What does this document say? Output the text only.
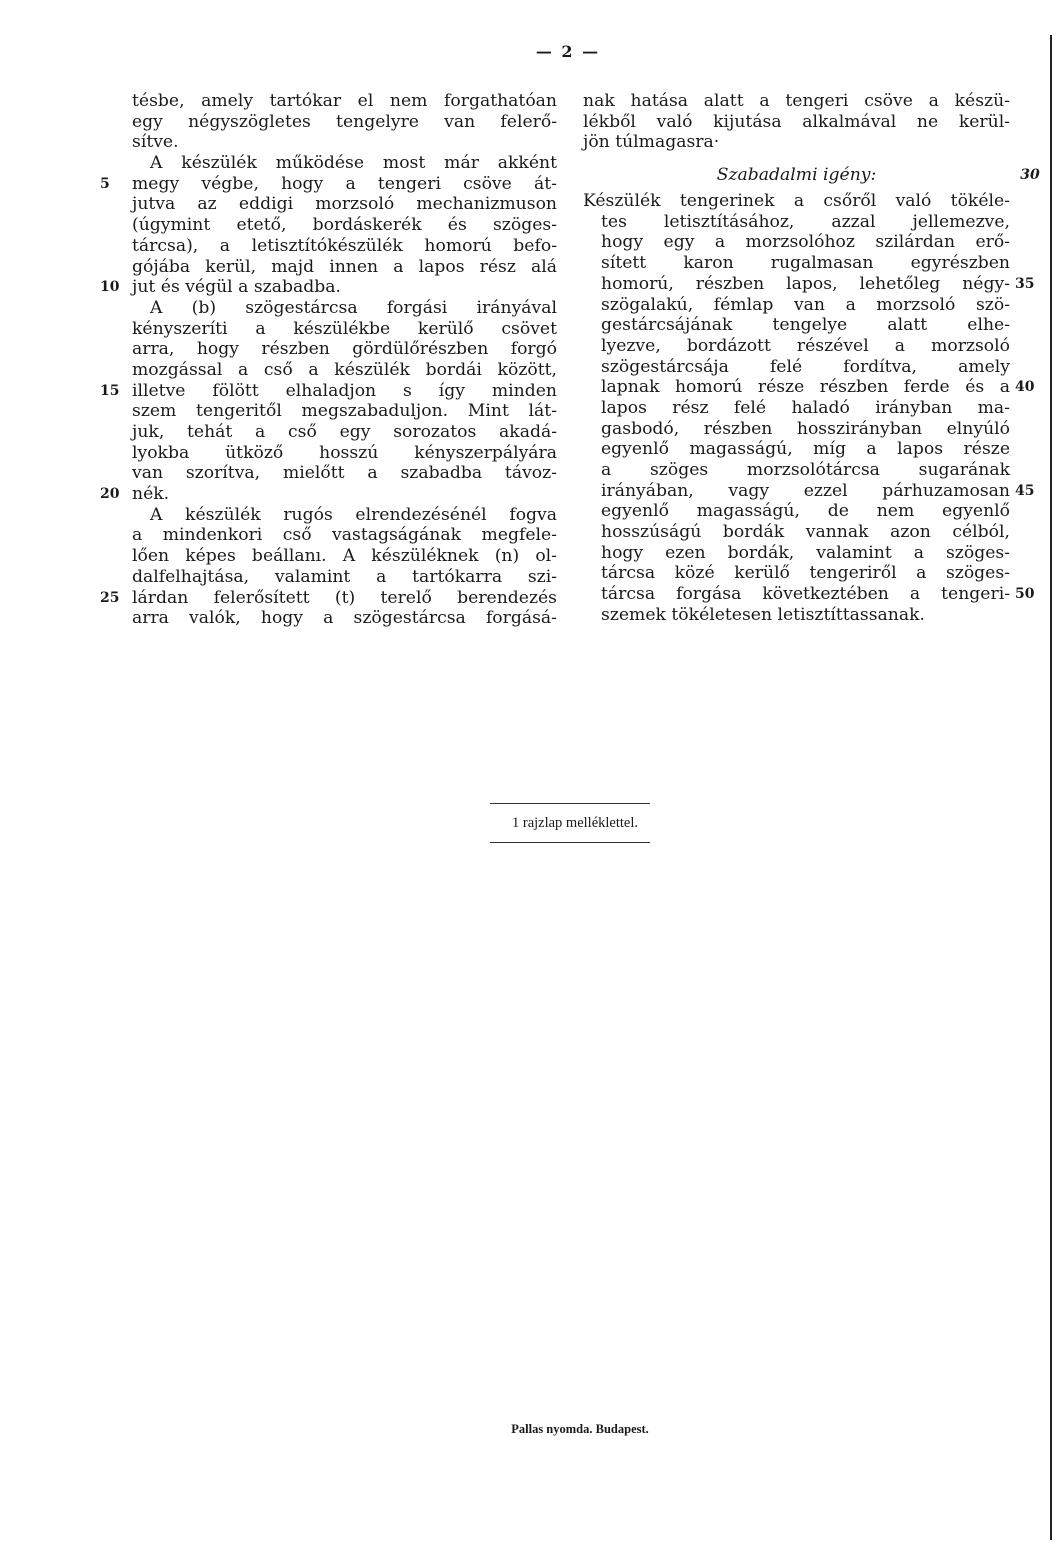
— 2 —
tésbe, amely tartókar el nem forgathatóan
egy négyszögletes tengelyre van felerő-
sítve.
A készülék működése most már akként
megy végbe, hogy a tengeri csöve át-
5
jutva az eddigi morzsoló mechanizmuson
(úgymint etető, bordáskerék és szöges-
tárcsa), a letisztítókészülék homorú befo-
gójába kerül, majd innen a lapos rész alá
jut és végül a szabadba.
10
A (b) szögestárcsa forgási irányával
kényszeríti a készülékbe kerülő csövet
arra, hogy részben gördülőrészben forgó
mozgással a cső a készülék bordái között,
illetve fölött elhaladjon s így minden
15
szem tengeritől megszabaduljon. Mint lát-
juk, tehát a cső egy sorozatos akadá-
lyokba ütköző hosszú kényszerpályára
van szorítva, mielőtt a szabadba távoz-
nék.
20
A készülék rugós elrendezésénél fogva
a mindenkori cső vastagságának megfele-
lően képes beállanı. A készüléknek (n) ol-
dalfelhajtása, valamint a tartókarra szi-
lárdan felerősített (t) terelő berendezés
25
arra valók, hogy a szögestárcsa forgásá-
nak hatása alatt a tengeri csöve a készü-
lékből való kijutása alkalmával ne kerül-
jön túlmagasra·
Szabadalmi igény:	30
Készülék tengerinek a csőről való tökéle-
tes letisztításához, azzal jellemezve,
hogy egy a morzsolóhoz szilárdan erő-
sített karon rugalmasan egyrészben
homorú, részben lapos, lehetőleg négy- 35
szögalakú, fémlap van a morzsoló szö-
gestárcsájának tengelye alatt elhe-
lyezve, bordázott részével a morzsoló
szögestárcsája felé fordítva, amely
lapnak homorú része részben ferde és a 40
lapos rész felé haladó irányban ma-
gasbodó, részben hosszirányban elnyúló
egyenlő magasságú, míg a lapos része
a szöges morzsolótárcsa sugarának
irányában, vagy ezzel párhuzamosan 45
egyenlő magasságú, de nem egyenlő
hosszúságú bordák vannak azon célból,
hogy ezen bordák, valamint a szöges-
tárcsa közé kerülő tengeriről a szöges-
tárcsa forgása következtében a tengeri- 50
szemek tökéletesen letisztíttassanak.
1 rajzlap melléklettel.
Pallas nyomda. Budapest.
